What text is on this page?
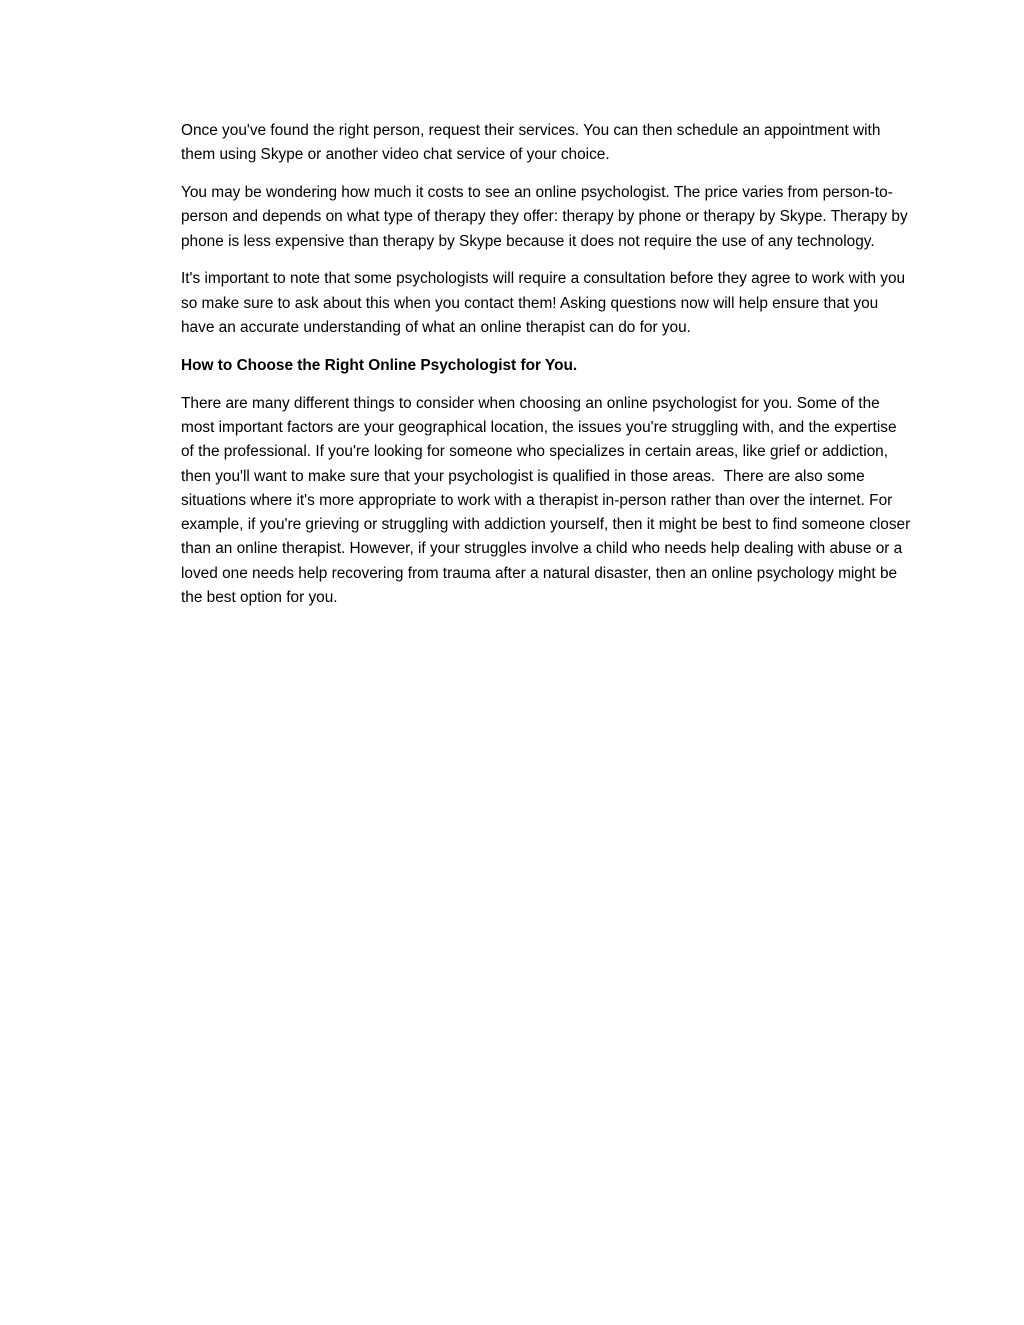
Once you've found the right person, request their services. You can then schedule an appointment with them using Skype or another video chat service of your choice.

You may be wondering how much it costs to see an online psychologist. The price varies from person-to-person and depends on what type of therapy they offer: therapy by phone or therapy by Skype. Therapy by phone is less expensive than therapy by Skype because it does not require the use of any technology.

It's important to note that some psychologists will require a consultation before they agree to work with you so make sure to ask about this when you contact them! Asking questions now will help ensure that you have an accurate understanding of what an online therapist can do for you.

How to Choose the Right Online Psychologist for You.

There are many different things to consider when choosing an online psychologist for you. Some of the most important factors are your geographical location, the issues you're struggling with, and the expertise of the professional. If you're looking for someone who specializes in certain areas, like grief or addiction, then you'll want to make sure that your psychologist is qualified in those areas.  There are also some situations where it's more appropriate to work with a therapist in-person rather than over the internet. For example, if you're grieving or struggling with addiction yourself, then it might be best to find someone closer than an online therapist. However, if your struggles involve a child who needs help dealing with abuse or a loved one needs help recovering from trauma after a natural disaster, then an online psychology might be the best option for you.
